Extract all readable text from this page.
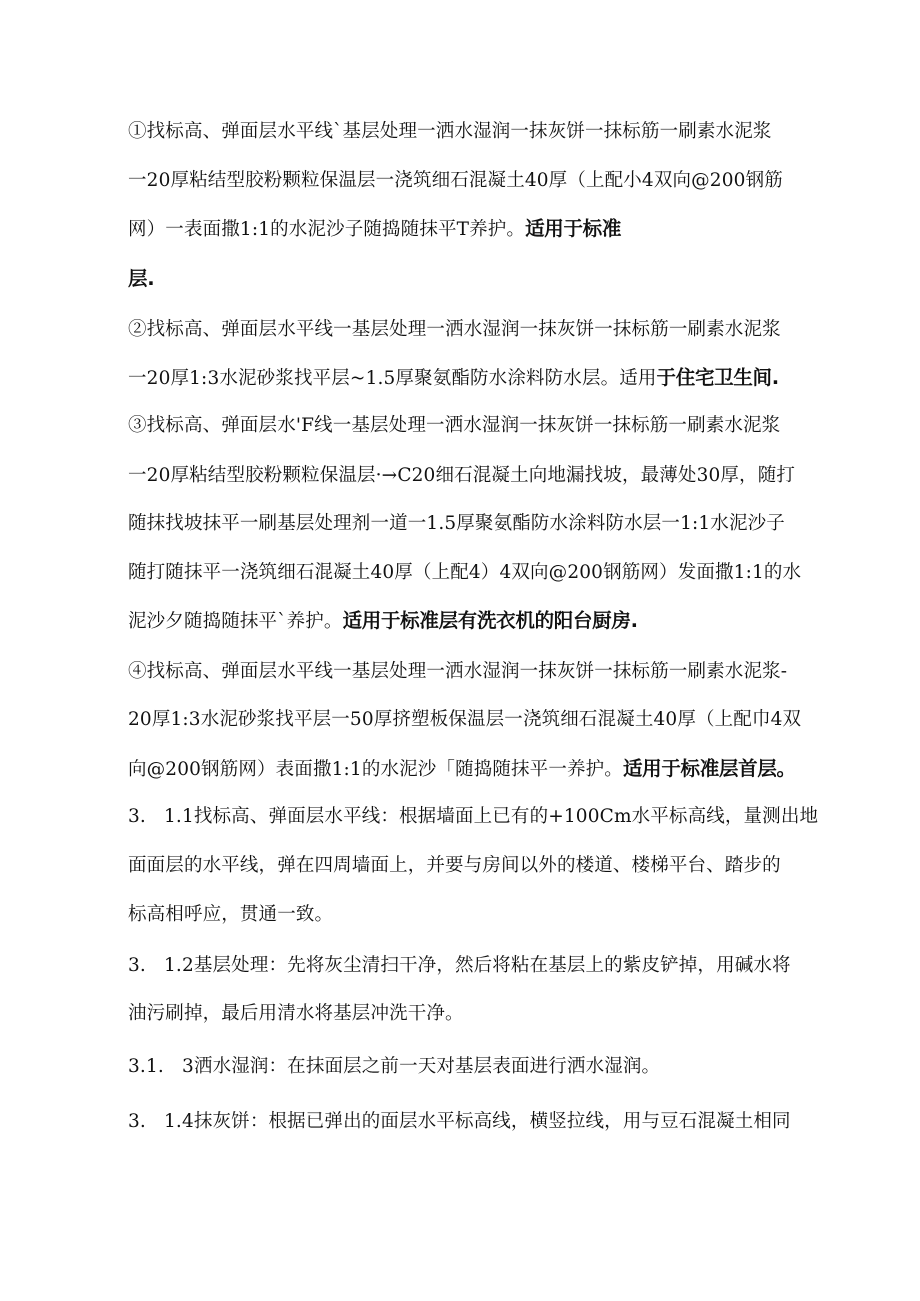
①找标高、弹面层水平线`基层处理一洒水湿润一抹灰饼一抹标筋一刷素水泥浆
一20厚粘结型胶粉颗粒保温层一浇筑细石混凝土40厚（上配小4双向@200钢筋
网）一表面撒1:1的水泥沙子随捣随抹平T养护。适用于标准
层.
②找标高、弹面层水平线一基层处理一洒水湿润一抹灰饼一抹标筋一刷素水泥浆
一20厚1:3水泥砂浆找平层~1.5厚聚氨酯防水涂料防水层。适用于住宅卫生间.
③找标高、弹面层水'F线一基层处理一洒水湿润一抹灰饼一抹标筋一刷素水泥浆
一20厚粘结型胶粉颗粒保温层·→C20细石混凝土向地漏找坡，最薄处30厚，随打
随抹找坡抹平一刷基层处理剂一道一1.5厚聚氨酯防水涂料防水层一1:1水泥沙子
随打随抹平一浇筑细石混凝土40厚（上配4）4双向@200钢筋网）发面撒1:1的水
泥沙夕随捣随抹平`养护。适用于标准层有洗衣机的阳台厨房.
④找标高、弹面层水平线一基层处理一洒水湿润一抹灰饼一抹标筋一刷素水泥浆-
20厚1:3水泥砂浆找平层一50厚挤塑板保温层一浇筑细石混凝土40厚（上配巾4双
向@200钢筋网）表面撒1:1的水泥沙「随捣随抹平一养护。适用于标准层首层。
3. 1.1找标高、弹面层水平线：根据墙面上已有的+100Cm水平标高线，量测出地
面面层的水平线，弹在四周墙面上，并要与房间以外的楼道、楼梯平台、踏步的
标高相呼应，贯通一致。
3. 1.2基层处理：先将灰尘清扫干净，然后将粘在基层上的紫皮铲掉，用碱水将
油污刷掉，最后用清水将基层冲洗干净。
3.1. 3洒水湿润：在抹面层之前一天对基层表面进行洒水湿润。
3. 1.4抹灰饼：根据已弹出的面层水平标高线，横竖拉线，用与豆石混凝土相同
